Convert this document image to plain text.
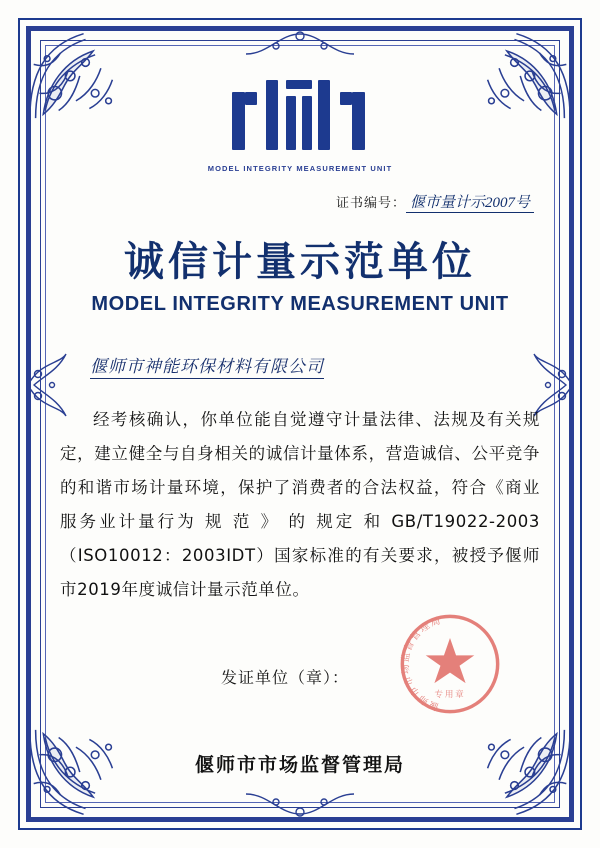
MODEL INTEGRITY MEASUREMENT UNIT
证书编号： 偃市量计示2007号
诚信计量示范单位
MODEL INTEGRITY MEASUREMENT UNIT
偃师市神能环保材料有限公司

经考核确认，你单位能自觉遵守计量法律、法规及有关规定，建立健全与自身相关的诚信计量体系，营造诚信、公平竞争的和谐市场计量环境，保护了消费者的合法权益，符合《商业 服务业计量行为 规 范 》 的 规定 和 GB/T19022-2003（ISO10012：2003IDT）国家标准的有关要求，被授予偃师市2019年度诚信计量示范单位。

发证单位（章）：
偃师市市场监督管理局
偃师市市场监督管理局
专用章
